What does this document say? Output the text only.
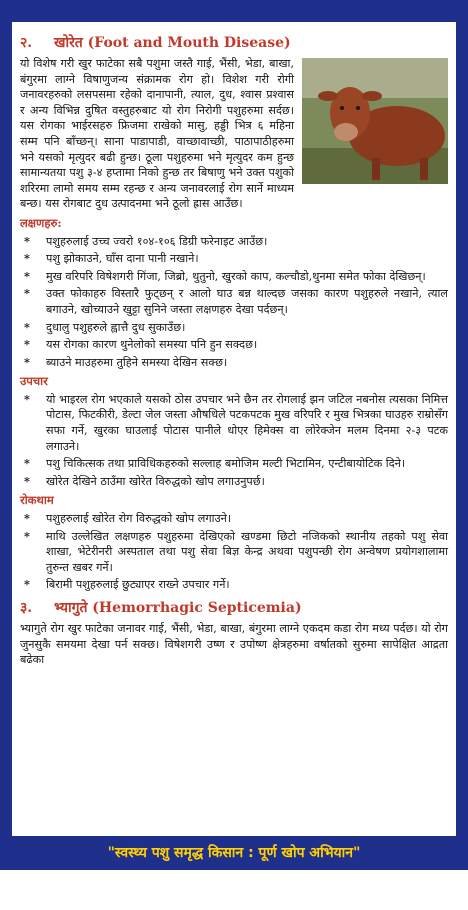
२. खोरेत (Foot and Mouth Disease)

यो विशेष गरी खुर फाटेका सबै पशुमा जस्तै गाई, भैंसी, भेडा, बाखा, बंगुरमा लाग्ने विषाणुजन्य संक्रामक रोग हो। विशेश गरी रोगी जनावरहरुको लसपसमा रहेको दानापानी, त्याल, दुध, श्वास प्रश्वास र अन्य विभिन्न दुषित वस्तुहरुबाट यो रोग निरोगी पशुहरुमा सर्दछ। यस रोगका भाईरसहरु फ्रिजमा राखेको मासु, हड्डी भित्र ६ महिना सम्म पनि बाँच्छन्। साना पाडापाडी, वाच्छावाच्छी, पाठापाठीहरुमा भने यसको मृत्युदर बढी हुन्छ। ठूला पशुहरुमा भने मृत्युदर कम हुन्छ सामान्यतया पशु ३-४ हप्तामा निको हुन्छ तर बिषाणु भने उक्त पशुको शरिरमा लामो समय सम्म रहन्छ र अन्य जनावरलाई रोग सार्ने माध्यम बन्छ। यस रोगबाट दुध उत्पादनमा भने ठूलो ह्रास आउँछ।

लक्षणहरु:
* पशुहरुलाई उच्च ज्वरो १०४-१०६ डिग्री फरेनाइट आउँछ।
* पशु झोकाउने, घाँस दाना पानी नखाने।
* मुख वरिपरि विषेशगरी गिंजा, जिब्रो, थुतुनो, खुरको काप, कल्चौडो,थुनमा समेत फोका देखिछन्।
* उक्त फोकाहरु विस्तारै फुट्छन् र आलो घाउ बन्न थाल्दछ जसका कारण पशुहरुले नखाने, त्याल बगाउने, खोच्याउने खुट्टा सुनिने जस्ता लक्षणहरु देखा पर्दछन्।
* दुधालु पशुहरुले ह्वात्तै दुध सुकाउँछ।
* यस रोगका कारण थुनेलोको समस्या पनि हुन सक्दछ।
* ब्याउने माउहरुमा तुहिने समस्या देखिन सक्छ।
उपचार
* यो भाइरल रोग भएकाले यसको ठोस उपचार भने छैन तर रोगलाई झन जटिल नबनोस त्यसका निमित्त पोटास, फिटकीरी, डेल्टा जेल जस्ता औषधिले पटकपटक मुख वरिपरि र मुख भित्रका घाउहरु राम्रोसँग सफा गर्ने, खुरका घाउलाई पोटास पानीले धोएर हिमेक्स वा लोरेक्जेन मलम दिनमा २-३ पटक लगाउने।
* पशु चिकित्सक तथा प्राविधिकहरुको सल्लाह बमोजिम मल्टी भिटामिन, एन्टीबायोटिक दिने।
* खोरेत देखिने ठाउँमा खोरेत विरुद्धको खोप लगाउनुपर्छ।
रोकथाम
* पशुहरुलाई खोरेत रोग विरुद्धको खोप लगाउने।
* माथि उल्लेखित लक्षणहरु पशुहरुमा देखिएको खण्डमा छिटो नजिकको स्थानीय तहको पशु सेवा शाखा, भेटेरीनरी अस्पताल तथा पशु सेवा बिज्ञ केन्द्र अथवा पशुपन्छी रोग अन्वेषण प्रयोगशालामा तुरुन्त खबर गर्ने।
* बिरामी पशुहरुलाई छुट्याएर राख्ने उपचार गर्ने।
३. भ्यागुते (Hemorrhagic Septicemia)

भ्यागुते रोग खुर फाटेका जनावर गाई, भैंसी, भेडा, बाखा, बंगुरमा लाग्ने एकदम कडा रोग मध्य पर्दछ। यो रोग जुनसुकै समयमा देखा पर्न सक्छ। विषेशगरी उष्ण र उपोष्ण क्षेत्रहरुमा वर्षातको सुरुमा सापेक्षित आद्रता बढेका

"स्वस्थ्य पशु समृद्ध किसान : पूर्ण खोप अभियान"
